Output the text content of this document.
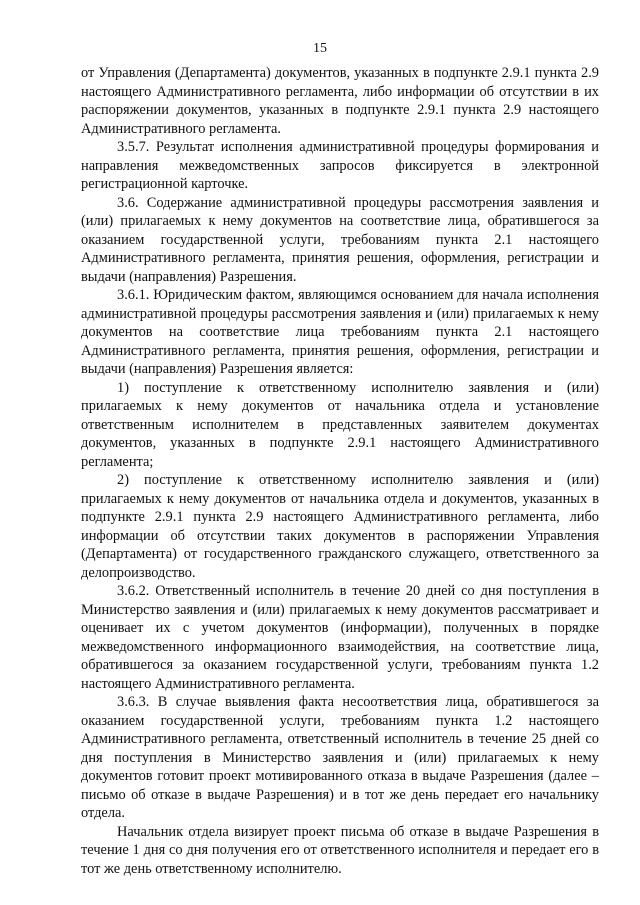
15

от Управления (Департамента) документов, указанных в подпункте 2.9.1 пункта 2.9 настоящего Административного регламента, либо информации об отсутствии в их распоряжении документов, указанных в подпункте 2.9.1 пункта 2.9 настоящего Административного регламента.

3.5.7. Результат исполнения административной процедуры формирования и направления межведомственных запросов фиксируется в электронной регистрационной карточке.

3.6. Содержание административной процедуры рассмотрения заявления и (или) прилагаемых к нему документов на соответствие лица, обратившегося за оказанием государственной услуги, требованиям пункта 2.1 настоящего Административного регламента, принятия решения, оформления, регистрации и выдачи (направления) Разрешения.

3.6.1. Юридическим фактом, являющимся основанием для начала исполнения административной процедуры рассмотрения заявления и (или) прилагаемых к нему документов на соответствие лица требованиям пункта 2.1 настоящего Административного регламента, принятия решения, оформления, регистрации и выдачи (направления) Разрешения является:

1) поступление к ответственному исполнителю заявления и (или) прилагаемых к нему документов от начальника отдела и установление ответственным исполнителем в представленных заявителем документах документов, указанных в подпункте 2.9.1 настоящего Административного регламента;

2) поступление к ответственному исполнителю заявления и (или) прилагаемых к нему документов от начальника отдела и документов, указанных в подпункте 2.9.1 пункта 2.9 настоящего Административного регламента, либо информации об отсутствии таких документов в распоряжении Управления (Департамента) от государственного гражданского служащего, ответственного за делопроизводство.

3.6.2. Ответственный исполнитель в течение 20 дней со дня поступления в Министерство заявления и (или) прилагаемых к нему документов рассматривает и оценивает их с учетом документов (информации), полученных в порядке межведомственного информационного взаимодействия, на соответствие лица, обратившегося за оказанием государственной услуги, требованиям пункта 1.2 настоящего Административного регламента.

3.6.3. В случае выявления факта несоответствия лица, обратившегося за оказанием государственной услуги, требованиям пункта 1.2 настоящего Административного регламента, ответственный исполнитель в течение 25 дней со дня поступления в Министерство заявления и (или) прилагаемых к нему документов готовит проект мотивированного отказа в выдаче Разрешения (далее – письмо об отказе в выдаче Разрешения) и в тот же день передает его начальнику отдела.

Начальник отдела визирует проект письма об отказе в выдаче Разрешения в течение 1 дня со дня получения его от ответственного исполнителя и передает его в тот же день ответственному исполнителю.
